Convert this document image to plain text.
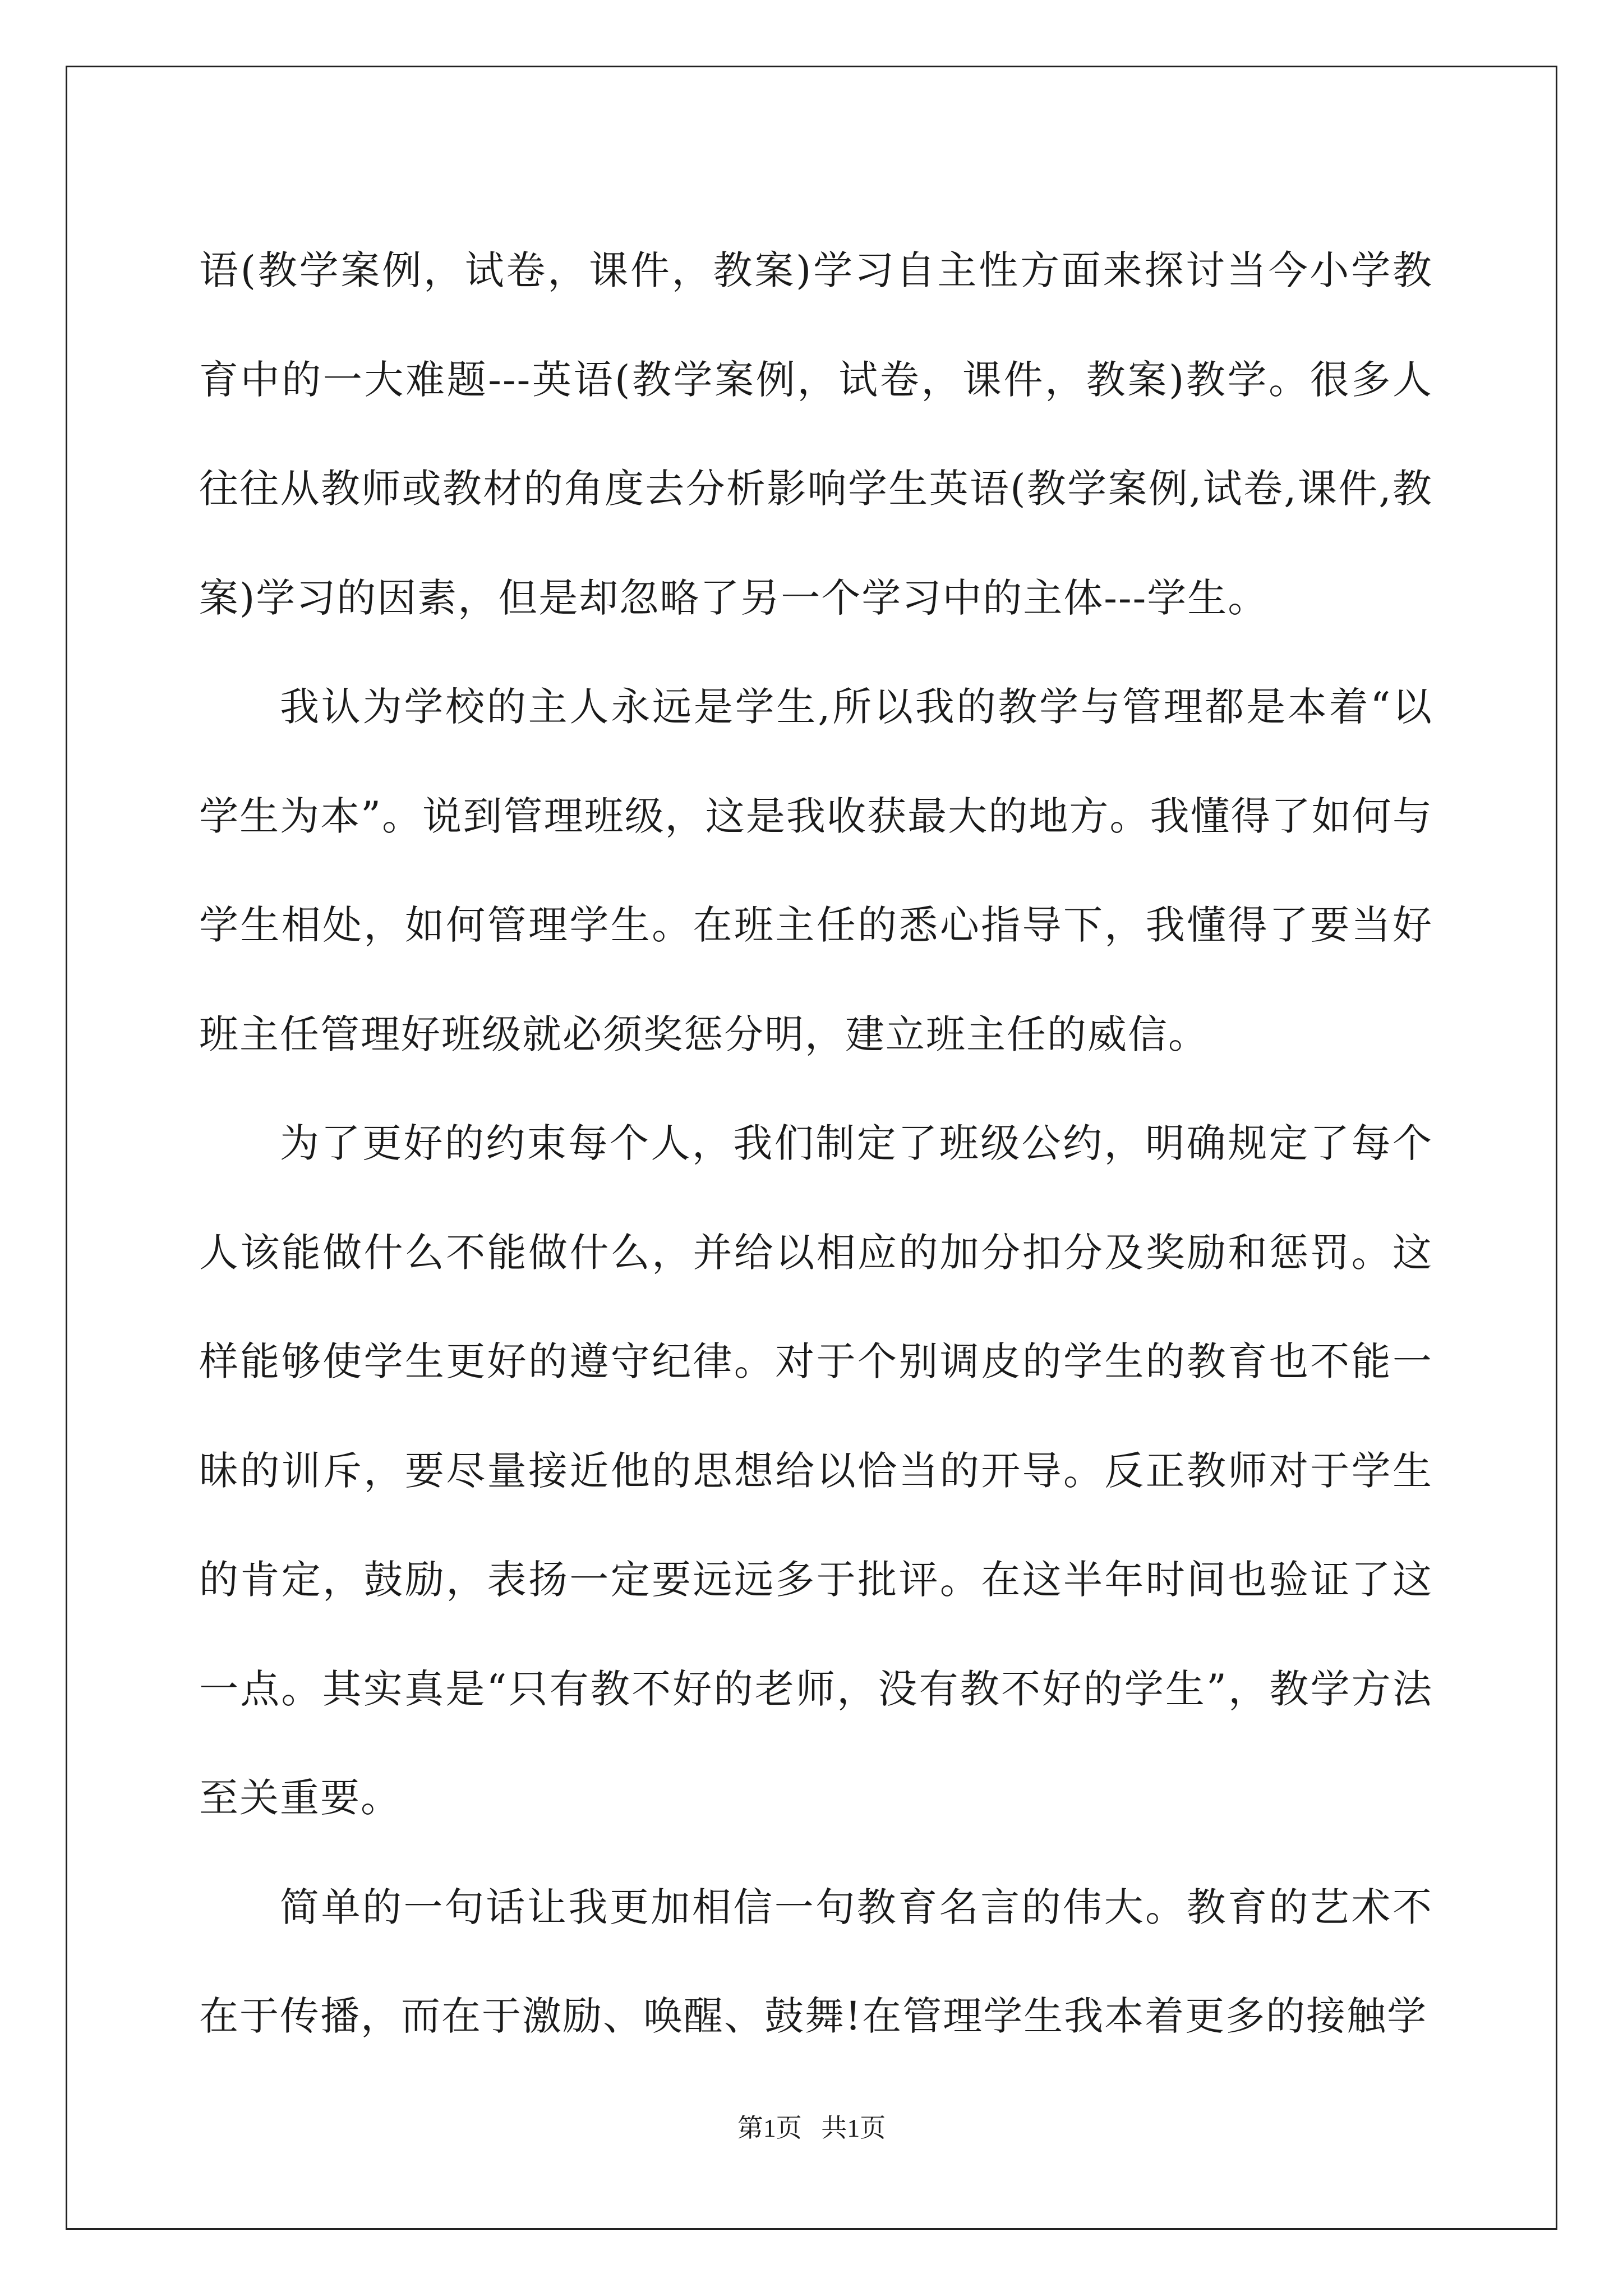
语(教学案例，试卷，课件，教案)学习自主性方面来探讨当今小学教育中的一大难题---英语(教学案例，试卷，课件，教案)教学。很多人往往从教师或教材的角度去分析影响学生英语(教学案例,试卷,课件,教案)学习的因素，但是却忽略了另一个学习中的主体---学生。

我认为学校的主人永远是学生,所以我的教学与管理都是本着“以学生为本”。说到管理班级，这是我收获最大的地方。我懂得了如何与学生相处，如何管理学生。在班主任的悉心指导下，我懂得了要当好班主任管理好班级就必须奖惩分明，建立班主任的威信。

为了更好的约束每个人，我们制定了班级公约，明确规定了每个人该能做什么不能做什么，并给以相应的加分扣分及奖励和惩罚。这样能够使学生更好的遵守纪律。对于个别调皮的学生的教育也不能一昧的训斥，要尽量接近他的思想给以恰当的开导。反正教师对于学生的肯定，鼓励，表扬一定要远远多于批评。在这半年时间也验证了这一点。其实真是“只有教不好的老师，没有教不好的学生”，教学方法至关重要。

简单的一句话让我更加相信一句教育名言的伟大。教育的艺术不在于传播，而在于激励、唤醒、鼓舞!在管理学生我本着更多的接触学

第1页 共1页
